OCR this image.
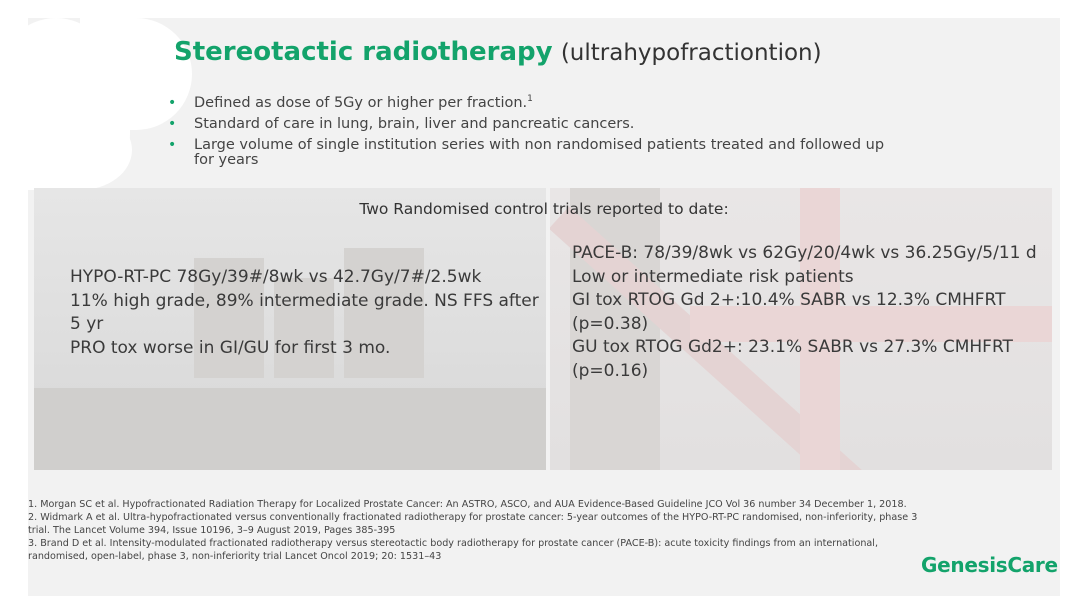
Stereotactic radiotherapy (ultrahypofractiontion)
• Defined as dose of 5Gy or higher per fraction.$^1$
• Standard of care in lung, brain, liver and pancreatic cancers.
• Large volume of single institution series with non randomised patients treated and followed up for years
Two Randomised control trials reported to date:

HYPO-RT-PC 78Gy/39#/8wk vs 42.7Gy/7#/2.5wk

11% high grade, 89% intermediate grade. NS FFS after 5 yr

PRO tox worse in GI/GU for first 3 mo.

PACE-B: 78/39/8wk vs 62Gy/20/4wk vs 36.25Gy/5/11 d

Low or intermediate risk patients

GI tox RTOG Gd 2+:10.4% SABR vs 12.3% CMHFRT (p=0.38)

GU tox RTOG Gd2+: 23.1% SABR vs 27.3% CMHFRT (p=0.16)

1. Morgan SC et al. Hypofractionated Radiation Therapy for Localized Prostate Cancer: An ASTRO, ASCO, and AUA Evidence-Based Guideline JCO Vol 36 number 34 December 1, 2018.

2. Widmark A et al. Ultra-hypofractionated versus conventionally fractionated radiotherapy for prostate cancer: 5-year outcomes of the HYPO-RT-PC randomised, non-inferiority, phase 3 trial. The Lancet Volume 394, Issue 10196, 3–9 August 2019, Pages 385-395

3. Brand D et al. Intensity-modulated fractionated radiotherapy versus stereotactic body radiotherapy for prostate cancer (PACE-B): acute toxicity findings from an international, randomised, open-label, phase 3, non-inferiority trial Lancet Oncol 2019; 20: 1531–43	GenesisCare
